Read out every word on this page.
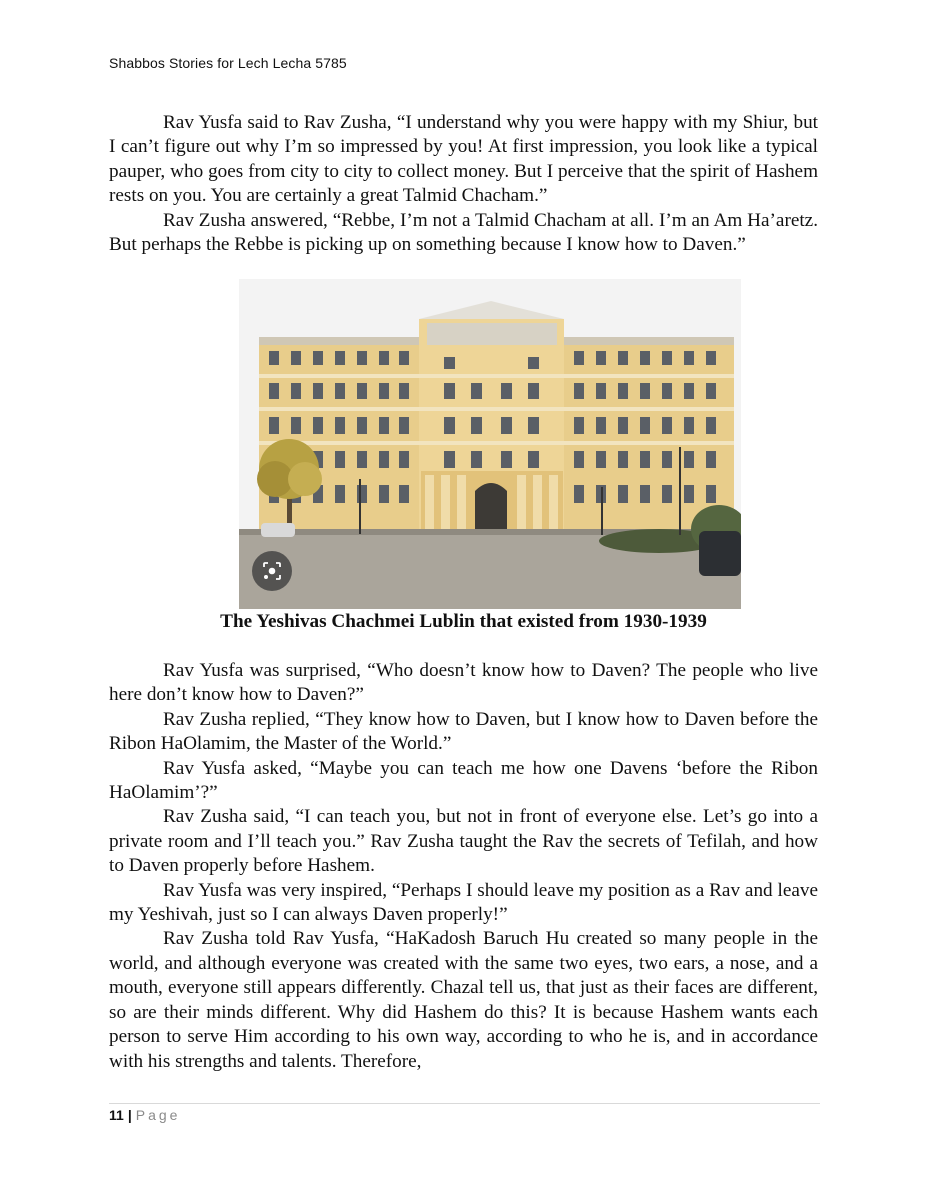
Shabbos Stories for Lech Lecha 5785

Rav Yusfa said to Rav Zusha, “I understand why you were happy with my Shiur, but I can’t figure out why I’m so impressed by you! At first impression, you look like a typical pauper, who goes from city to city to collect money. But I perceive that the spirit of Hashem rests on you. You are certainly a great Talmid Chacham.”

Rav Zusha answered, “Rebbe, I’m not a Talmid Chacham at all. I’m an Am Ha’aretz. But perhaps the Rebbe is picking up on something because I know how to Daven.”

The Yeshivas Chachmei Lublin that existed from 1930-1939

Rav Yusfa was surprised, “Who doesn’t know how to Daven? The people who live here don’t know how to Daven?”

Rav Zusha replied, “They know how to Daven, but I know how to Daven before the Ribon HaOlamim, the Master of the World.”

Rav Yusfa asked, “Maybe you can teach me how one Davens ‘before the Ribon HaOlamim’?”

Rav Zusha said, “I can teach you, but not in front of everyone else. Let’s go into a private room and I’ll teach you.” Rav Zusha taught the Rav the secrets of Tefilah, and how to Daven properly before Hashem.

Rav Yusfa was very inspired, “Perhaps I should leave my position as a Rav and leave my Yeshivah, just so I can always Daven properly!”

Rav Zusha told Rav Yusfa, “HaKadosh Baruch Hu created so many people in the world, and although everyone was created with the same two eyes, two ears, a nose, and a mouth, everyone still appears differently. Chazal tell us, that just as their faces are different, so are their minds different. Why did Hashem do this? It is because Hashem wants each person to serve Him according to his own way, according to who he is, and in accordance with his strengths and talents. Therefore,

11 | Page
